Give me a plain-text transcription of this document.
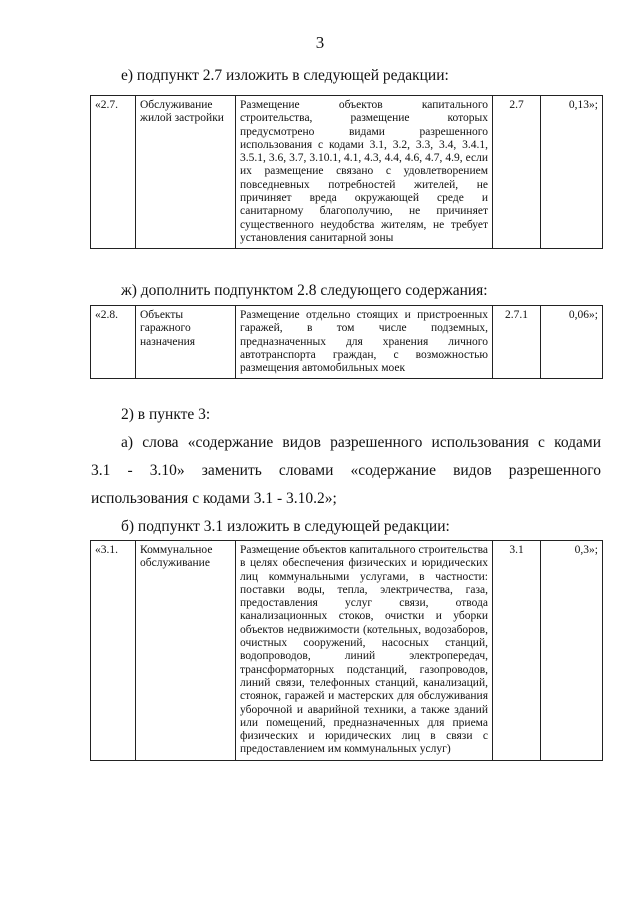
3
е) подпункт 2.7 изложить в следующей редакции:
«2.7.	Обслуживание жилой застройки	Размещение объектов капитального строительства, размещение которых предусмотрено видами разрешенного использования с кодами 3.1, 3.2, 3.3, 3.4, 3.4.1, 3.5.1, 3.6, 3.7, 3.10.1, 4.1, 4.3, 4.4, 4.6, 4.7, 4.9, если их размещение связано с удовлетворением повседневных потребностей жителей, не причиняет вреда окружающей среде и санитарному благополучию, не причиняет существенного неудобства жителям, не требует установления санитарной зоны	2.7	0,13»;
ж) дополнить подпунктом 2.8 следующего содержания:
«2.8.	Объекты гаражного назначения	Размещение отдельно стоящих и пристроенных гаражей, в том числе подземных, предназначенных для хранения личного автотранспорта граждан, с возможностью размещения автомобильных моек	2.7.1	0,06»;
2) в пункте 3:
а) слова «содержание видов разрешенного использования с кодами
3.1 - 3.10» заменить словами «содержание видов разрешенного
использования с кодами 3.1 - 3.10.2»;
б) подпункт 3.1 изложить в следующей редакции:
«3.1.	Коммунальное обслуживание	Размещение объектов капитального строительства в целях обеспечения физических и юридических лиц коммунальными услугами, в частности: поставки воды, тепла, электричества, газа, предоставления услуг связи, отвода канализационных стоков, очистки и уборки объектов недвижимости (котельных, водозаборов, очистных сооружений, насосных станций, водопроводов, линий электропередач, трансформаторных подстанций, газопроводов, линий связи, телефонных станций, канализаций, стоянок, гаражей и мастерских для обслуживания уборочной и аварийной техники, а также зданий или помещений, предназначенных для приема физических и юридических лиц в связи с предоставлением им коммунальных услуг)	3.1	0,3»;
